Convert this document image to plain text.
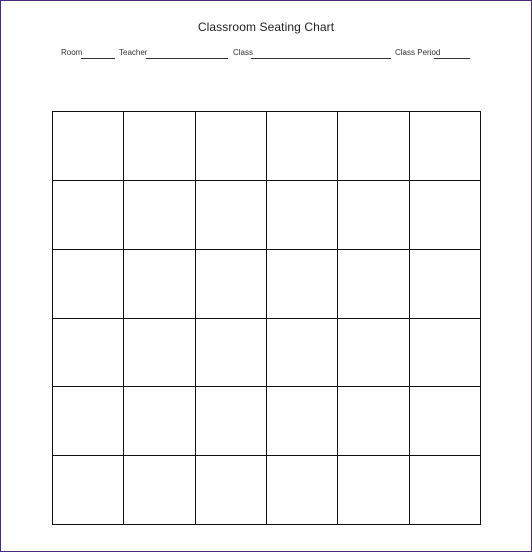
Classroom Seating Chart
Room	Teacher	Class	Class Period
